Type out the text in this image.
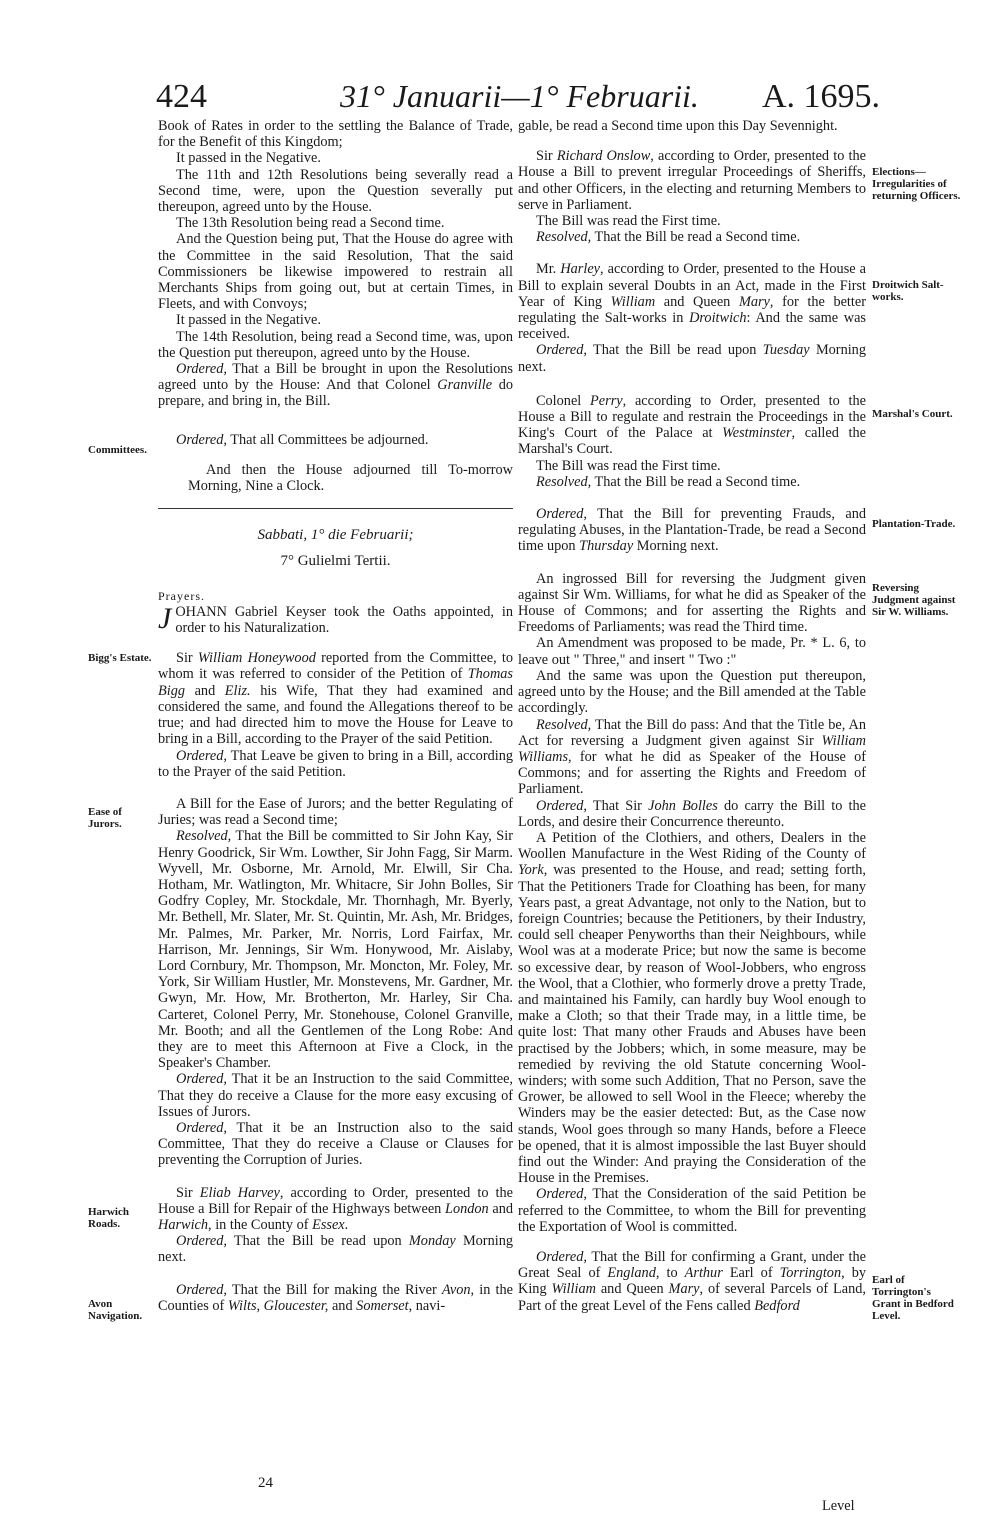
424	31° Januarii—1° Februarii. A. 1695.

Book of Rates in order to the settling the Balance of Trade, for the Benefit of this Kingdom;

It passed in the Negative.

The 11th and 12th Resolutions being severally read a Second time, were, upon the Question severally put thereupon, agreed unto by the House.

The 13th Resolution being read a Second time.

And the Question being put, That the House do agree with the Committee in the said Resolution, That the said Commissioners be likewise impowered to restrain all Merchants Ships from going out, but at certain Times, in Fleets, and with Convoys;

It passed in the Negative.

The 14th Resolution, being read a Second time, was, upon the Question put thereupon, agreed unto by the House.

Ordered, That a Bill be brought in upon the Resolutions agreed unto by the House: And that Colonel Granville do prepare, and bring in, the Bill.

Ordered, That all Committees be adjourned.

And then the House adjourned till To-morrow Morning, Nine a Clock.

Sabbati, 1° die Februarii;

7° Gulielmi Tertii.

Prayers.

JOHANN Gabriel Keyser took the Oaths appointed, in order to his Naturalization.

Sir William Honeywood reported from the Committee, to whom it was referred to consider of the Petition of Thomas Bigg and Eliz. his Wife, That they had examined and considered the same, and found the Allegations thereof to be true; and had directed him to move the House for Leave to bring in a Bill, according to the Prayer of the said Petition.

Ordered, That Leave be given to bring in a Bill, according to the Prayer of the said Petition.

A Bill for the Ease of Jurors; and the better Regulating of Juries; was read a Second time;

Resolved, That the Bill be committed to Sir John Kay, Sir Henry Goodrick, Sir Wm. Lowther, Sir John Fagg, Sir Marm. Wyvell, Mr. Osborne, Mr. Arnold, Mr. Elwill, Sir Cha. Hotham, Mr. Watlington, Mr. Whitacre, Sir John Bolles, Sir Godfry Copley, Mr. Stockdale, Mr. Thornhagh, Mr. Byerly, Mr. Bethell, Mr. Slater, Mr. St. Quintin, Mr. Ash, Mr. Bridges, Mr. Palmes, Mr. Parker, Mr. Norris, Lord Fairfax, Mr. Harrison, Mr. Jennings, Sir Wm. Honywood, Mr. Aislaby, Lord Cornbury, Mr. Thompson, Mr. Moncton, Mr. Foley, Mr. York, Sir William Hustler, Mr. Monstevens, Mr. Gardner, Mr. Gwyn, Mr. How, Mr. Brotherton, Mr. Harley, Sir Cha. Carteret, Colonel Perry, Mr. Stonehouse, Colonel Granville, Mr. Booth; and all the Gentlemen of the Long Robe: And they are to meet this Afternoon at Five a Clock, in the Speaker's Chamber.

Ordered, That it be an Instruction to the said Committee, That they do receive a Clause for the more easy excusing of Issues of Jurors.

Ordered, That it be an Instruction also to the said Committee, That they do receive a Clause or Clauses for preventing the Corruption of Juries.

Sir Eliab Harvey, according to Order, presented to the House a Bill for Repair of the Highways between London and Harwich, in the County of Essex.

Ordered, That the Bill be read upon Monday Morning next.

Ordered, That the Bill for making the River Avon, in the Counties of Wilts, Gloucester, and Somerset, navi-

gable, be read a Second time upon this Day Sevennight.

Sir Richard Onslow, according to Order, presented to the House a Bill to prevent irregular Proceedings of Sheriffs, and other Officers, in the electing and returning Members to serve in Parliament.

The Bill was read the First time.

Resolved, That the Bill be read a Second time.

Mr. Harley, according to Order, presented to the House a Bill to explain several Doubts in an Act, made in the First Year of King William and Queen Mary, for the better regulating the Salt-works in Droitwich: And the same was received.

Ordered, That the Bill be read upon Tuesday Morning next.

Colonel Perry, according to Order, presented to the House a Bill to regulate and restrain the Proceedings in the King's Court of the Palace at Westminster, called the Marshal's Court.

The Bill was read the First time.

Resolved, That the Bill be read a Second time.

Ordered, That the Bill for preventing Frauds, and regulating Abuses, in the Plantation-Trade, be read a Second time upon Thursday Morning next.

An ingrossed Bill for reversing the Judgment given against Sir Wm. Williams, for what he did as Speaker of the House of Commons; and for asserting the Rights and Freedoms of Parliaments; was read the Third time.

An Amendment was proposed to be made, Pr. * L. 6, to leave out " Three," and insert " Two :"

And the same was upon the Question put thereupon, agreed unto by the House; and the Bill amended at the Table accordingly.

Resolved, That the Bill do pass: And that the Title be, An Act for reversing a Judgment given against Sir William Williams, for what he did as Speaker of the House of Commons; and for asserting the Rights and Freedom of Parliament.

Ordered, That Sir John Bolles do carry the Bill to the Lords, and desire their Concurrence thereunto.

A Petition of the Clothiers, and others, Dealers in the Woollen Manufacture in the West Riding of the County of York, was presented to the House, and read; setting forth, That the Petitioners Trade for Cloathing has been, for many Years past, a great Advantage, not only to the Nation, but to foreign Countries; because the Petitioners, by their Industry, could sell cheaper Penyworths than their Neighbours, while Wool was at a moderate Price; but now the same is become so excessive dear, by reason of Wool-Jobbers, who engross the Wool, that a Clothier, who formerly drove a pretty Trade, and maintained his Family, can hardly buy Wool enough to make a Cloth; so that their Trade may, in a little time, be quite lost: That many other Frauds and Abuses have been practised by the Jobbers; which, in some measure, may be remedied by reviving the old Statute concerning Wool-winders; with some such Addition, That no Person, save the Grower, be allowed to sell Wool in the Fleece; whereby the Winders may be the easier detected: But, as the Case now stands, Wool goes through so many Hands, before a Fleece be opened, that it is almost impossible the last Buyer should find out the Winder: And praying the Consideration of the House in the Premises.

Ordered, That the Consideration of the said Petition be referred to the Committee, to whom the Bill for preventing the Exportation of Wool is committed.

Ordered, That the Bill for confirming a Grant, under the Great Seal of England, to Arthur Earl of Torrington, by King William and Queen Mary, of several Parcels of Land, Part of the great Level of the Fens called Bedford

Committees.
Bigg's Estate.
Ease of Jurors.
Harwich Roads.
Avon Navigation.
Elections—Irregularities of returning Officers.
Droitwich Salt-works.
Marshal's Court.
Plantation-Trade.
Reversing Judgment against Sir W. Williams.
Earl of Torrington's Grant in Bedford Level.
24
Level
